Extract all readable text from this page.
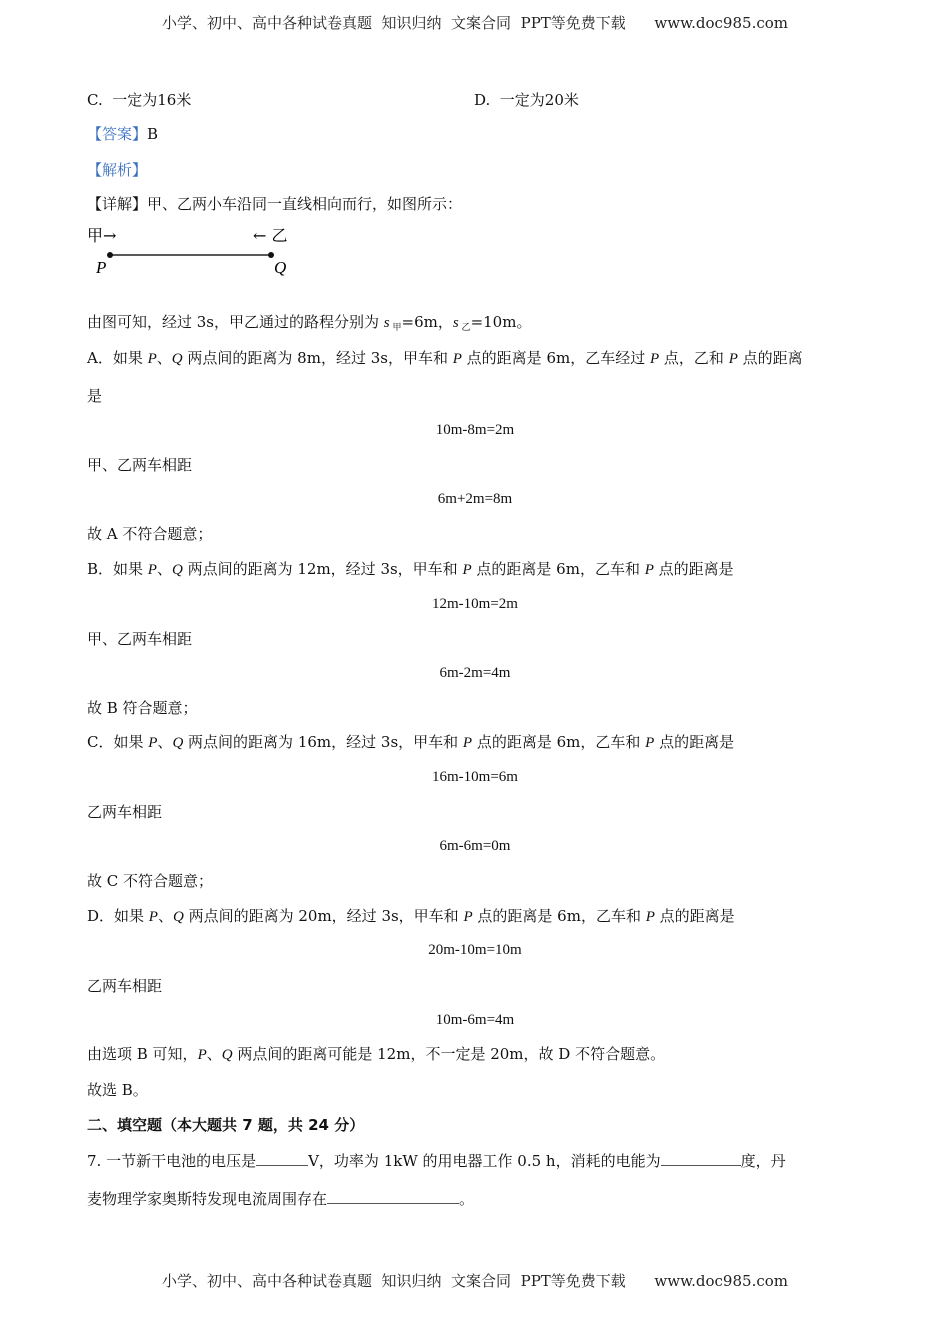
小学、初中、高中各种试卷真题  知识归纳  文案合同  PPT等免费下载      www.doc985.com
C.  一定为16米	D.  一定为20米
甲→	← 乙
P	Q
【答案】B
【解析】
【详解】甲、乙两小车沿同一直线相向而行，如图所示：
由图可知，经过 3s，甲乙通过的路程分别为 s $_甲$=6m，s $_乙$=10m。
A．如果 P、Q 两点间的距离为 8m，经过 3s，甲车和 P 点的距离是 6m，乙车经过 P 点，乙和 P 点的距离
是
10m-8m=2m
甲、乙两车相距
6m+2m=8m
故 A 不符合题意；
B．如果 P、Q 两点间的距离为 12m，经过 3s，甲车和 P 点的距离是 6m，乙车和 P 点的距离是
12m-10m=2m
甲、乙两车相距
6m-2m=4m
故 B 符合题意；
C．如果 P、Q 两点间的距离为 16m，经过 3s，甲车和 P 点的距离是 6m，乙车和 P 点的距离是
16m-10m=6m
乙两车相距
6m-6m=0m
故 C 不符合题意；
D．如果 P、Q 两点间的距离为 20m，经过 3s，甲车和 P 点的距离是 6m，乙车和 P 点的距离是
20m-10m=10m
乙两车相距
10m-6m=4m
由选项 B 可知，P、Q 两点间的距离可能是 12m，不一定是 20m，故 D 不符合题意。
故选 B。
二、填空题（本大题共 7 题，共 24 分）
7. 一节新干电池的电压是	V，功率为 1kW 的用电器工作 0.5 h，消耗的电能为	度，丹
麦物理学家奥斯特发现电流周围存在	。
小学、初中、高中各种试卷真题  知识归纳  文案合同  PPT等免费下载      www.doc985.com
